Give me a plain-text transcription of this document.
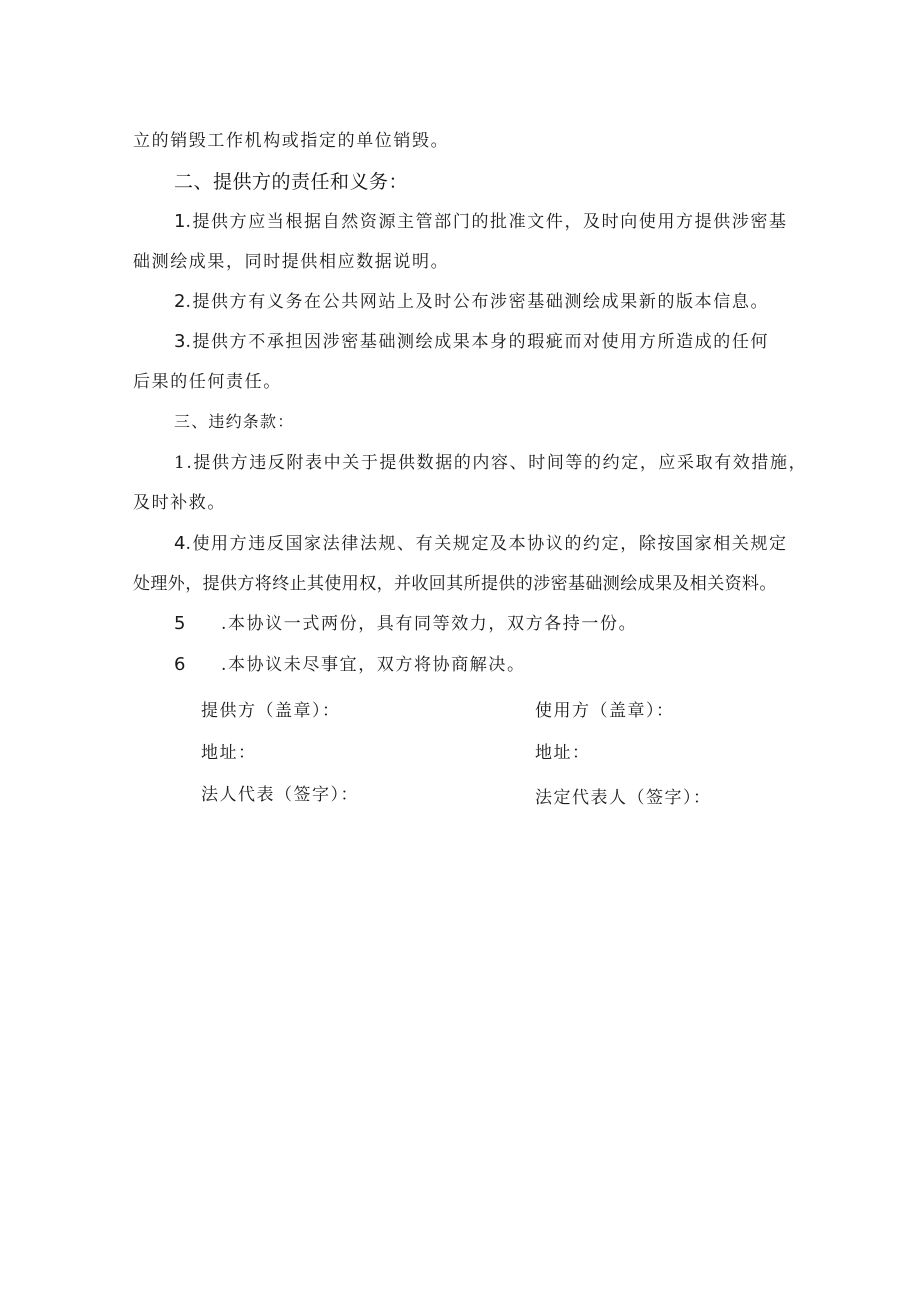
立的销毁工作机构或指定的单位销毁。
二、提供方的责任和义务：
1.提供方应当根据自然资源主管部门的批准文件，及时向使用方提供涉密基
础测绘成果，同时提供相应数据说明。
2.提供方有义务在公共网站上及时公布涉密基础测绘成果新的版本信息。
3.提供方不承担因涉密基础测绘成果本身的瑕疵而对使用方所造成的任何
后果的任何责任。
三、违约条款：
1.提供方违反附表中关于提供数据的内容、时间等的约定，应采取有效措施，
及时补救。
4.使用方违反国家法律法规、有关规定及本协议的约定，除按国家相关规定
处理外，提供方将终止其使用权，并收回其所提供的涉密基础测绘成果及相关资料。
5 .本协议一式两份，具有同等效力，双方各持一份。
6 .本协议未尽事宜，双方将协商解决。
提供方（盖章）：	使用方（盖章）：
地址：	地址：
法人代表（签字）：	法定代表人（签字）：
